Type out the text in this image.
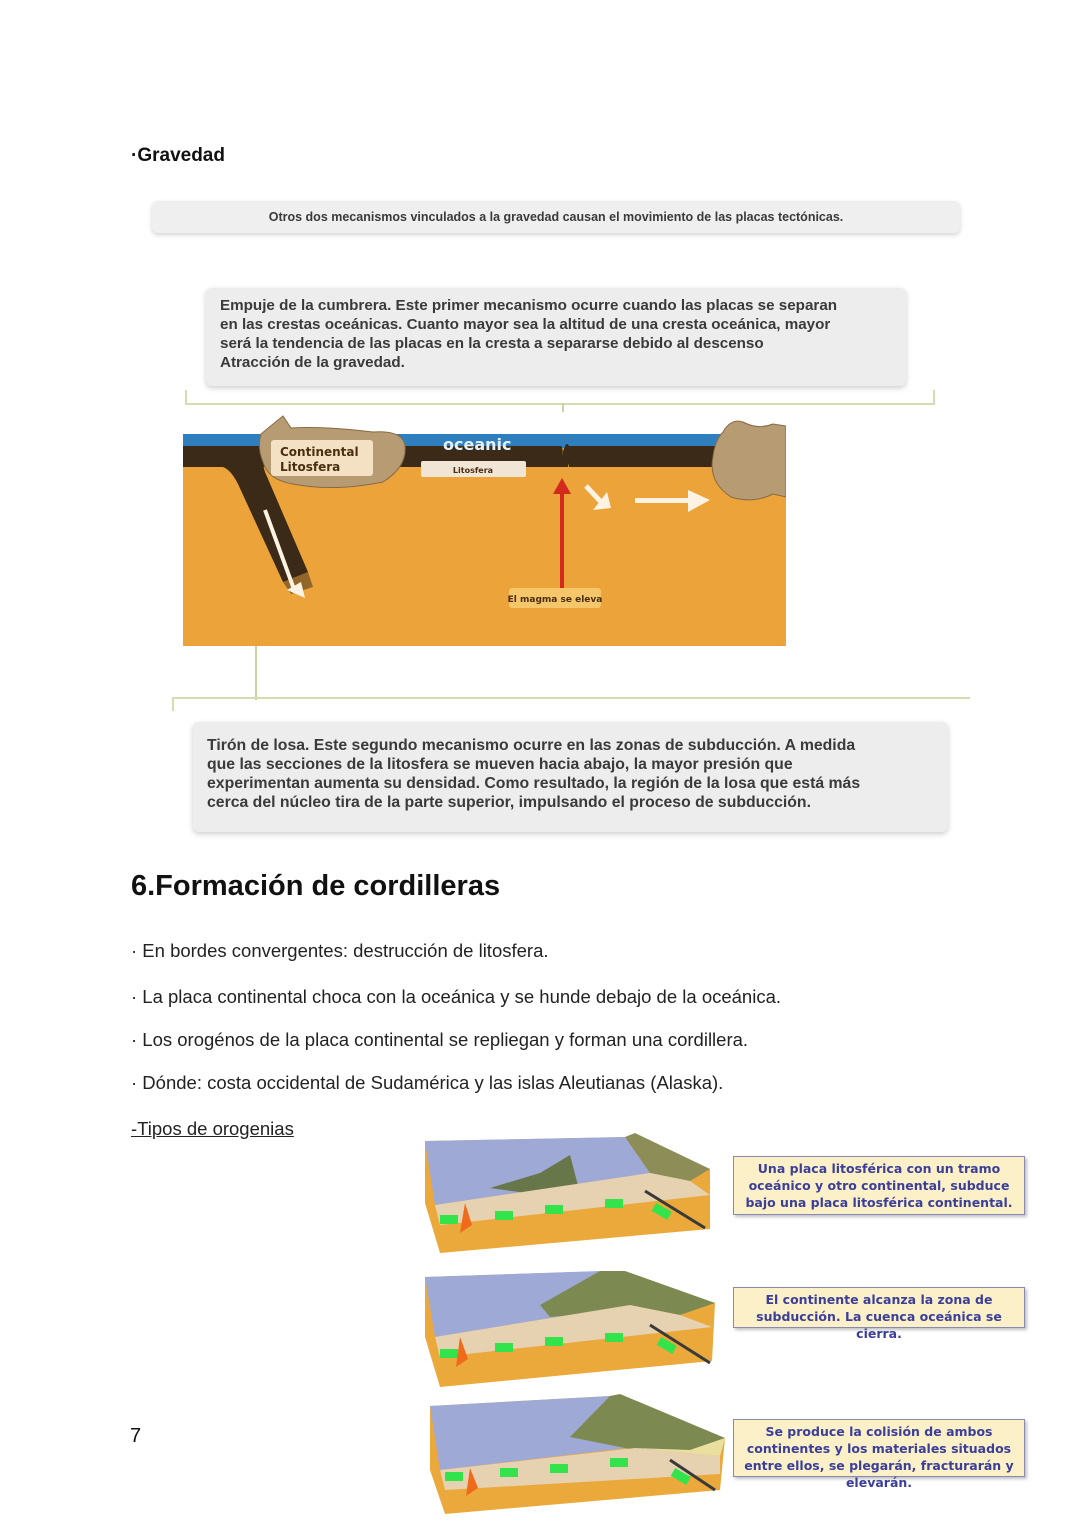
·Gravedad
Otros dos mecanismos vinculados a la gravedad causan el movimiento de las placas tectónicas.
Empuje de la cumbrera. Este primer mecanismo ocurre cuando las placas se separan
en las crestas oceánicas. Cuanto mayor sea la altitud de una cresta oceánica, mayor
será la tendencia de las placas en la cresta a separarse debido al descenso
Atracción de la gravedad.
Continental
Litosfera
oceanic
Litosfera
El magma se eleva
Tirón de losa. Este segundo mecanismo ocurre en las zonas de subducción. A medida
que las secciones de la litosfera se mueven hacia abajo, la mayor presión que
experimentan aumenta su densidad. Como resultado, la región de la losa que está más
cerca del núcleo tira de la parte superior, impulsando el proceso de subducción.
6.Formación de cordilleras
· En bordes convergentes: destrucción de litosfera.
· La placa continental choca con la oceánica y se hunde debajo de la oceánica.
· Los orogénos de la placa continental se repliegan y forman una cordillera.
· Dónde: costa occidental de Sudamérica y las islas Aleutianas (Alaska).
-Tipos de orogenias
Una placa litosférica con un tramo oceánico y otro continental, subduce bajo una placa litosférica continental.
El continente alcanza la zona de subducción. La cuenca oceánica se cierra.
Se produce la colisión de ambos continentes y los materiales situados entre ellos, se plegarán, fracturarán y elevarán.
7
